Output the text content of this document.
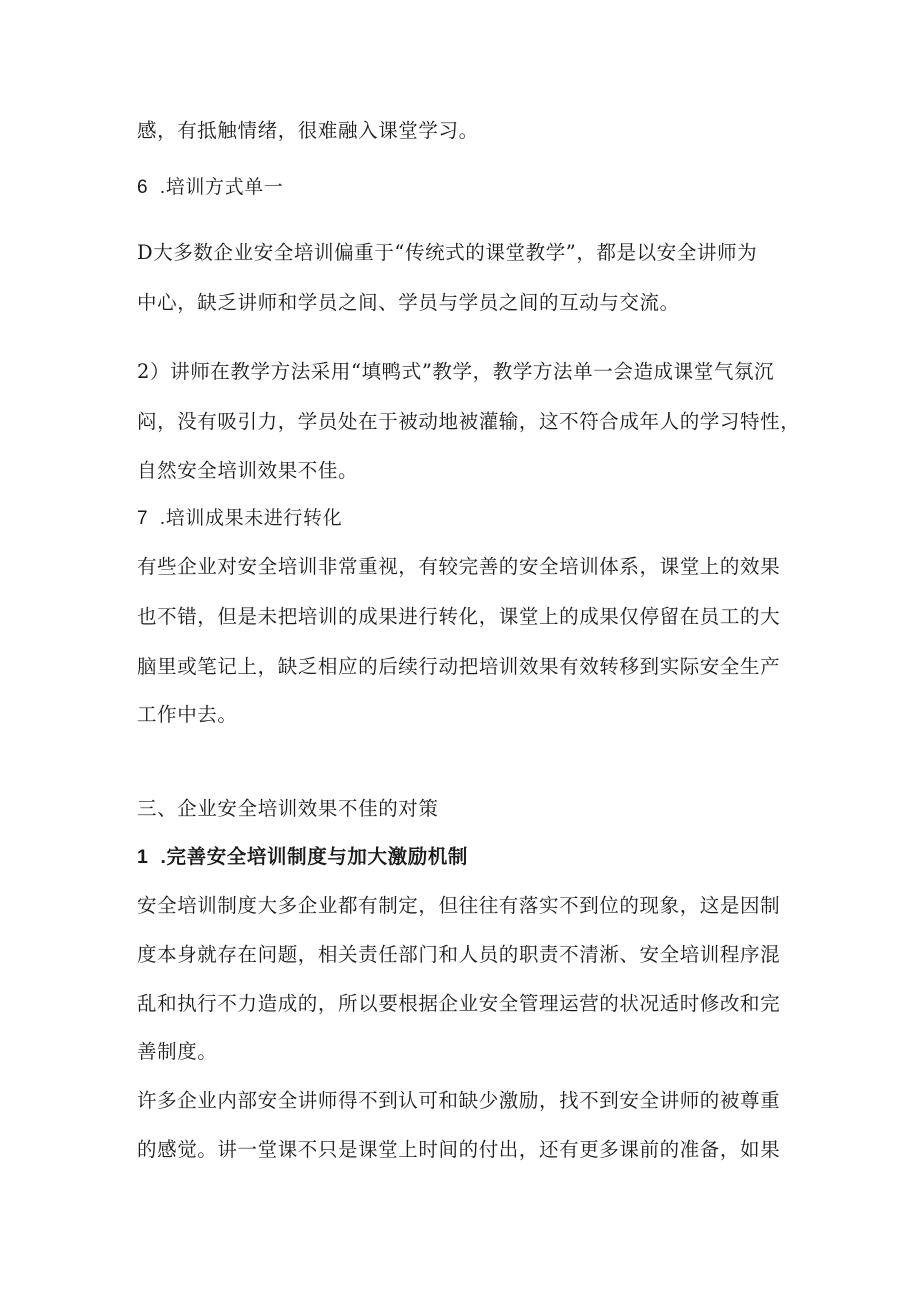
感，有抵触情绪，很难融入课堂学习。
6  .培训方式单一
D大多数企业安全培训偏重于“传统式的课堂教学”，都是以安全讲师为
中心，缺乏讲师和学员之间、学员与学员之间的互动与交流。
2）讲师在教学方法采用“填鸭式”教学，教学方法单一会造成课堂气氛沉
闷，没有吸引力，学员处在于被动地被灌输，这不符合成年人的学习特性，
自然安全培训效果不佳。
7  .培训成果未进行转化
有些企业对安全培训非常重视，有较完善的安全培训体系，课堂上的效果
也不错，但是未把培训的成果进行转化，课堂上的成果仅停留在员工的大
脑里或笔记上，缺乏相应的后续行动把培训效果有效转移到实际安全生产
工作中去。
三、企业安全培训效果不佳的对策
1  .完善安全培训制度与加大激励机制
安全培训制度大多企业都有制定，但往往有落实不到位的现象，这是因制
度本身就存在问题，相关责任部门和人员的职责不清淅、安全培训程序混
乱和执行不力造成的，所以要根据企业安全管理运营的状况适时修改和完
善制度。
许多企业内部安全讲师得不到认可和缺少激励，找不到安全讲师的被尊重
的感觉。讲一堂课不只是课堂上时间的付出，还有更多课前的准备，如果
